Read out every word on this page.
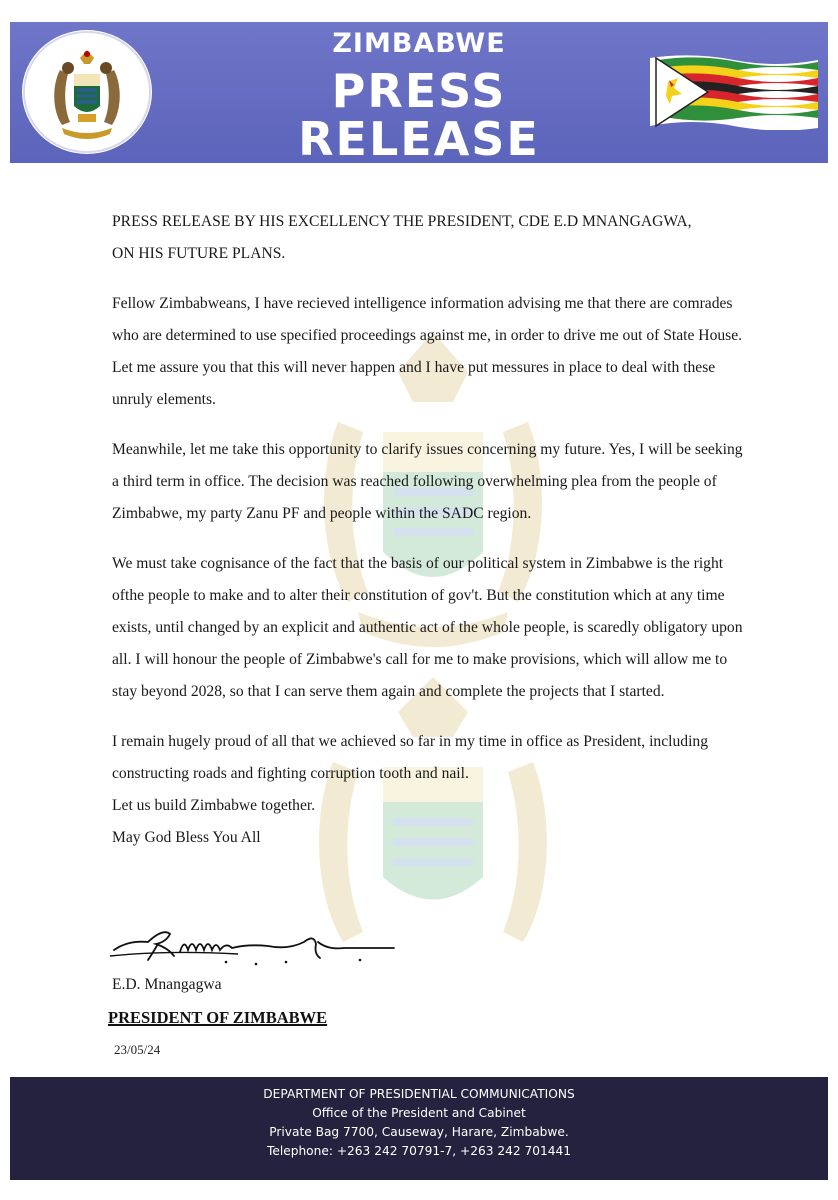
ZIMBABWE
PRESS
RELEASE

PRESS RELEASE BY HIS EXCELLENCY THE PRESIDENT, CDE E.D MNANGAGWA,

ON HIS FUTURE PLANS.

Fellow Zimbabweans, I have recieved intelligence information advising me that there are comrades who are determined to use specified proceedings against me, in order to drive me out of State House. Let me assure you that this will never happen and I have put messures in place to deal with these unruly elements.

Meanwhile, let me take this opportunity to clarify issues concerning my future. Yes, I will be seeking a third term in office. The decision was reached following overwhelming plea from the people of Zimbabwe, my party Zanu PF and people within the SADC region.

We must take cognisance of the fact that the basis of our political system in Zimbabwe is the right ofthe people to make and to alter their constitution of gov't. But the constitution which at any time exists, until changed by an explicit and authentic act of the whole people, is scaredly obligatory upon all. I will honour the people of Zimbabwe's call for me to make provisions, which will allow me to stay beyond 2028, so that I can serve them again and complete the projects that I started.

I remain hugely proud of all that we achieved so far in my time in office as President, including constructing roads and fighting corruption tooth and nail.

Let us build Zimbabwe together.

May God Bless You All

E.D. Mnangagwa
PRESIDENT OF ZIMBABWE
23/05/24
DEPARTMENT OF PRESIDENTIAL COMMUNICATIONS
Office of the President and Cabinet
Private Bag 7700, Causeway, Harare, Zimbabwe.
Telephone: +263 242 70791-7, +263 242 701441
